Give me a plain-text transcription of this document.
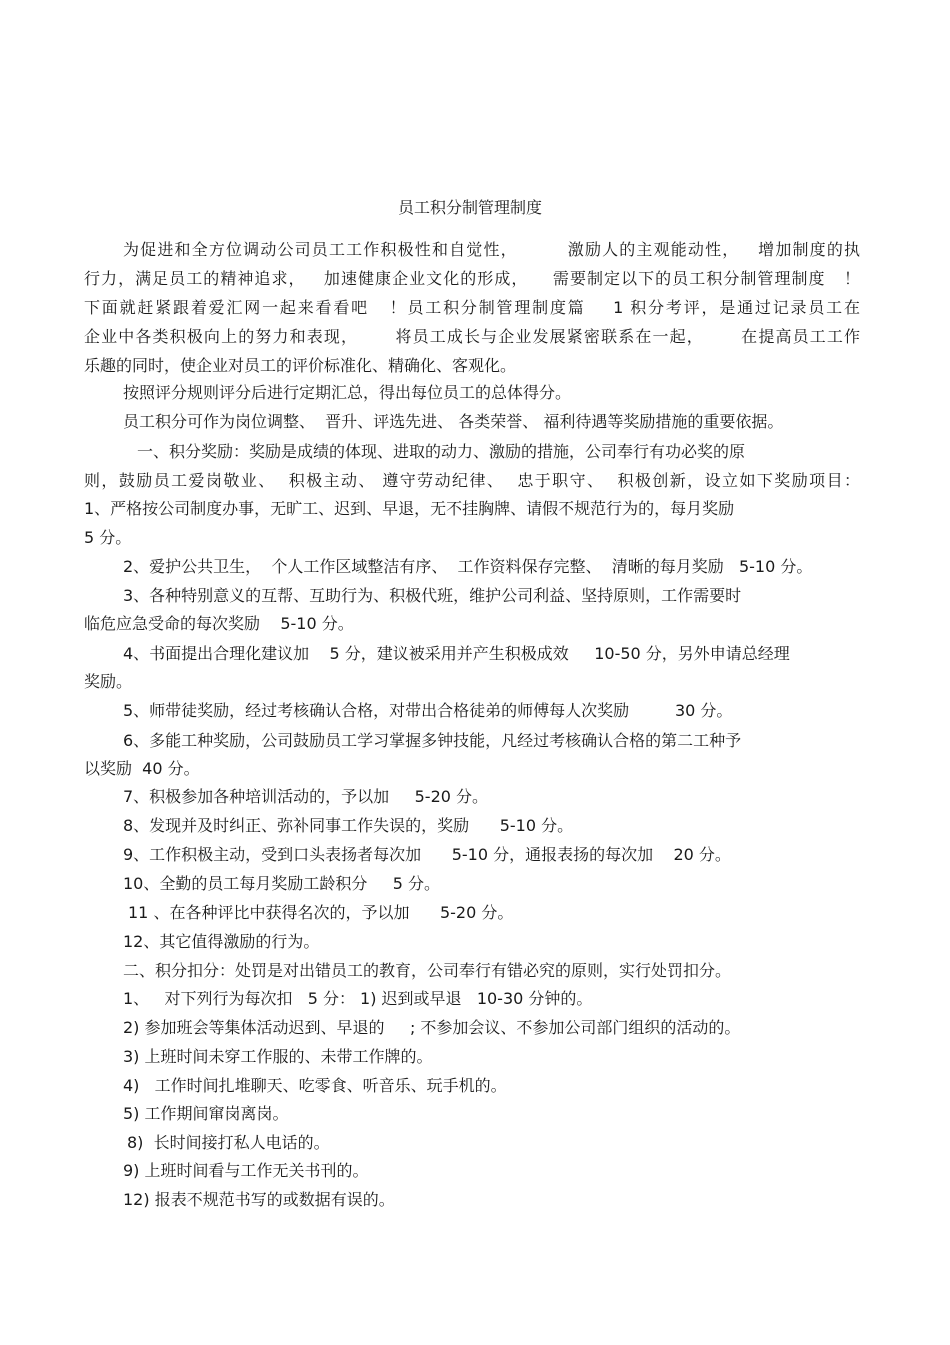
员工积分制管理制度
为促进和全方位调动公司员工工作积极性和自觉性，        激励人的主观能动性，   增加制度的执
行力，满足员工的精神追求，   加速健康企业文化的形成，    需要制定以下的员工积分制管理制度   ！
下面就赶紧跟着爱汇网一起来看看吧   ！员工积分制管理制度篇    1 积分考评，是通过记录员工在
企业中各类积极向上的努力和表现，      将员工成长与企业发展紧密联系在一起，      在提高员工工作
乐趣的同时，使企业对员工的评价标准化、精确化、客观化。
按照评分规则评分后进行定期汇总，得出每位员工的总体得分。
员工积分可作为岗位调整、  晋升、评选先进、 各类荣誉、 福利待遇等奖励措施的重要依据。
一、积分奖励：奖励是成绩的体现、进取的动力、激励的措施，公司奉行有功必奖的原
则，鼓励员工爱岗敬业、  积极主动、 遵守劳动纪律、  忠于职守、  积极创新，设立如下奖励项目：
1、严格按公司制度办事，无旷工、迟到、早退，无不挂胸牌、请假不规范行为的，每月奖励
5 分。
2、爱护公共卫生，  个人工作区域整洁有序、  工作资料保存完整、  清晰的每月奖励   5-10 分。
3、各种特别意义的互帮、互助行为、积极代班，维护公司利益、坚持原则，工作需要时
临危应急受命的每次奖励    5-10 分。
4、书面提出合理化建议加    5 分，建议被采用并产生积极成效     10-50 分，另外申请总经理
奖励。
5、师带徒奖励，经过考核确认合格，对带出合格徒弟的师傅每人次奖励         30 分。
6、多能工种奖励，公司鼓励员工学习掌握多钟技能，凡经过考核确认合格的第二工种予
以奖励  40 分。
7、积极参加各种培训活动的，予以加     5-20 分。
8、发现并及时纠正、弥补同事工作失误的，奖励      5-10 分。
9、工作积极主动，受到口头表扬者每次加      5-10 分，通报表扬的每次加    20 分。
10、全勤的员工每月奖励工龄积分     5 分。
11 、在各种评比中获得名次的，予以加      5-20 分。
12、其它值得激励的行为。
二、积分扣分：处罚是对出错员工的教育，公司奉行有错必究的原则，实行处罚扣分。
1、   对下列行为每次扣   5 分： 1) 迟到或早退   10-30 分钟的。
2) 参加班会等集体活动迟到、早退的     ; 不参加会议、不参加公司部门组织的活动的。
3) 上班时间未穿工作服的、未带工作牌的。
4)   工作时间扎堆聊天、吃零食、听音乐、玩手机的。
5) 工作期间窜岗离岗。
8)  长时间接打私人电话的。
9) 上班时间看与工作无关书刊的。
12) 报表不规范书写的或数据有误的。
